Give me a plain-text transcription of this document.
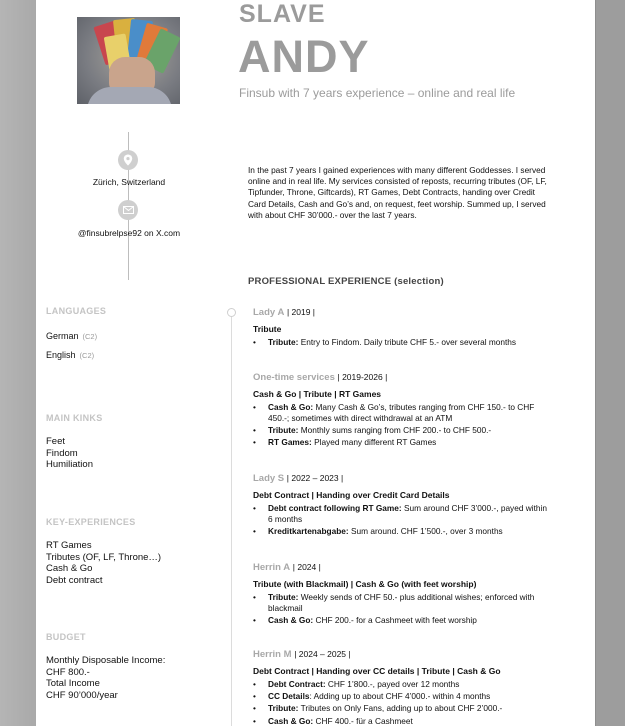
SLAVE
ANDY
Finsub with 7 years experience – online and real life
Zürich, Switzerland
@finsubrelpse92 on X.com
In the past 7 years I gained experiences with many different Goddesses. I served online and in real life. My services consisted of reposts, recurring tributes (OF, LF, Tipfunder, Throne, Giftcards), RT Games, Debt Contracts, handing over Credit Card Details, Cash and Go’s and, on request, feet worship. Summed up, I served with about CHF 30’000.- over the last 7 years.
PROFESSIONAL EXPERIENCE (selection)
LANGUAGES
German (C2)
English (C2)
MAIN KINKS
Feet
Findom
Humiliation
KEY-EXPERIENCES
RT Games
Tributes (OF, LF, Throne…)
Cash & Go
Debt contract
BUDGET
Monthly Disposable Income:
CHF 800.-
Total Income
CHF 90’000/year
Lady A | 2019 |
Tribute
• Tribute: Entry to Findom. Daily tribute CHF 5.- over several months
One-time services | 2019-2026 |
Cash & Go | Tribute | RT Games
• Cash & Go: Many Cash & Go’s, tributes ranging from CHF 150.- to CHF 450.-; sometimes with direct withdrawal at an ATM
• Tribute: Monthly sums ranging from CHF 200.- to CHF 500.-
• RT Games: Played many different RT Games
Lady S | 2022 – 2023 |
Debt Contract | Handing over Credit Card Details
• Debt contract following RT Game: Sum around CHF 3’000.-, payed within 6 months
• Kreditkartenabgabe: Sum around. CHF 1’500.-, over 3 months
Herrin A | 2024 |
Tribute (with Blackmail) | Cash & Go (with feet worship)
• Tribute: Weekly sends of CHF 50.- plus additional wishes; enforced with blackmail
• Cash & Go: CHF 200.- for a Cashmeet with feet worship
Herrin M | 2024 – 2025 |
Debt Contract | Handing over CC details | Tribute | Cash & Go
• Debt Contract: CHF 1’800.-, payed over 12 months
• CC Details: Adding up to about CHF 4’000.- within 4 months
• Tribute: Tributes on Only Fans, adding up to about CHF 2’000.-
• Cash & Go: CHF 400.- für a Cashmeet
